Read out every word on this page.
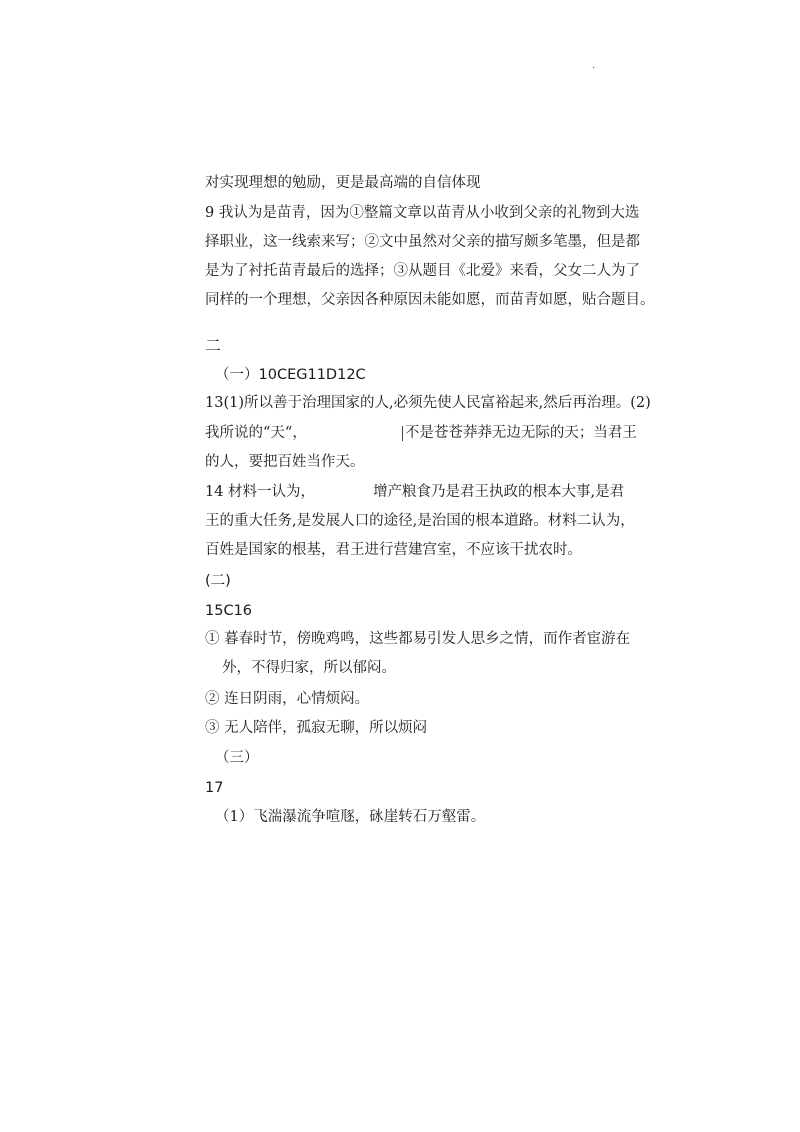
.
对实现理想的勉励，更是最高端的自信体现
9 我认为是苗青，因为①整篇文章以苗青从小收到父亲的礼物到大选
择职业，这一线索来写；②文中虽然对父亲的描写颇多笔墨，但是都
是为了衬托苗青最后的选择；③从题目《北爱》来看，父女二人为了
同样的一个理想，父亲因各种原因未能如愿，而苗青如愿，贴合题目。
二
（一）10CEG11D12C
13(1)所以善于治理国家的人,必须先使人民富裕起来,然后再治理。(2)
我所说的“天“，	不是苍苍莽莽无边无际的天；当君王
的人，要把百姓当作天。
14 材料一认为，	增产粮食乃是君王执政的根本大事,是君
王的重大任务,是发展人口的途径,是治国的根本道路。材料二认为，
百姓是国家的根基，君王进行营建宫室，不应该干扰农时。
(二)
15C16
① 暮春时节，傍晚鸡鸣，这些都易引发人思乡之情，而作者宦游在
外，不得归家，所以郁闷。
② 连日阴雨，心情烦闷。
③ 无人陪伴，孤寂无聊，所以烦闷
（三）
17
（1）飞湍瀑流争喧豗，砯崖转石万壑雷。
